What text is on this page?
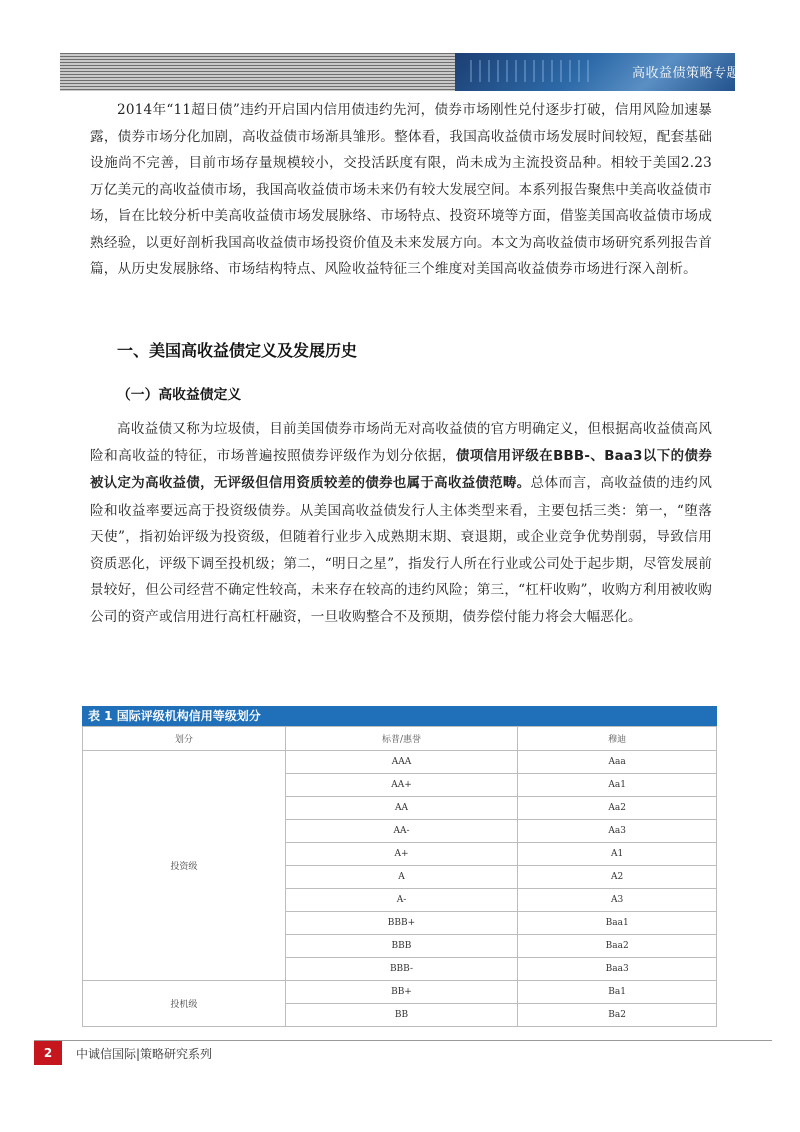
高收益债策略专题
2014年“11超日债”违约开启国内信用债违约先河，债券市场刚性兑付逐步打破，信用风险加速暴露，债券市场分化加剧，高收益债市场渐具雏形。整体看，我国高收益债市场发展时间较短，配套基础设施尚不完善，目前市场存量规模较小，交投活跃度有限，尚未成为主流投资品种。相较于美国2.23万亿美元的高收益债市场，我国高收益债市场未来仍有较大发展空间。本系列报告聚焦中美高收益债市场，旨在比较分析中美高收益债市场发展脉络、市场特点、投资环境等方面，借鉴美国高收益债市场成熟经验，以更好剖析我国高收益债市场投资价值及未来发展方向。本文为高收益债市场研究系列报告首篇，从历史发展脉络、市场结构特点、风险收益特征三个维度对美国高收益债券市场进行深入剖析。
一、美国高收益债定义及发展历史
（一）高收益债定义
高收益债又称为垃圾债，目前美国债券市场尚无对高收益债的官方明确定义，但根据高收益债高风险和高收益的特征，市场普遍按照债券评级作为划分依据，债项信用评级在BBB-、Baa3以下的债券被认定为高收益债，无评级但信用资质较差的债券也属于高收益债范畴。总体而言，高收益债的违约风险和收益率要远高于投资级债券。从美国高收益债发行人主体类型来看，主要包括三类：第一，“堕落天使”，指初始评级为投资级，但随着行业步入成熟期末期、衰退期，或企业竞争优势削弱，导致信用资质恶化，评级下调至投机级；第二，“明日之星”，指发行人所在行业或公司处于起步期，尽管发展前景较好，但公司经营不确定性较高，未来存在较高的违约风险；第三，“杠杆收购”，收购方利用被收购公司的资产或信用进行高杠杆融资，一旦收购整合不及预期，债券偿付能力将会大幅恶化。
表 1 国际评级机构信用等级划分
划分	标普/惠誉	穆迪
投资级	AAA	Aaa
	AA+	Aa1
	AA	Aa2
	AA-	Aa3
	A+	A1
	A	A2
	A-	A3
	BBB+	Baa1
	BBB	Baa2
	BBB-	Baa3
投机级	BB+	Ba1
	BB	Ba2
2	中诚信国际|策略研究系列
